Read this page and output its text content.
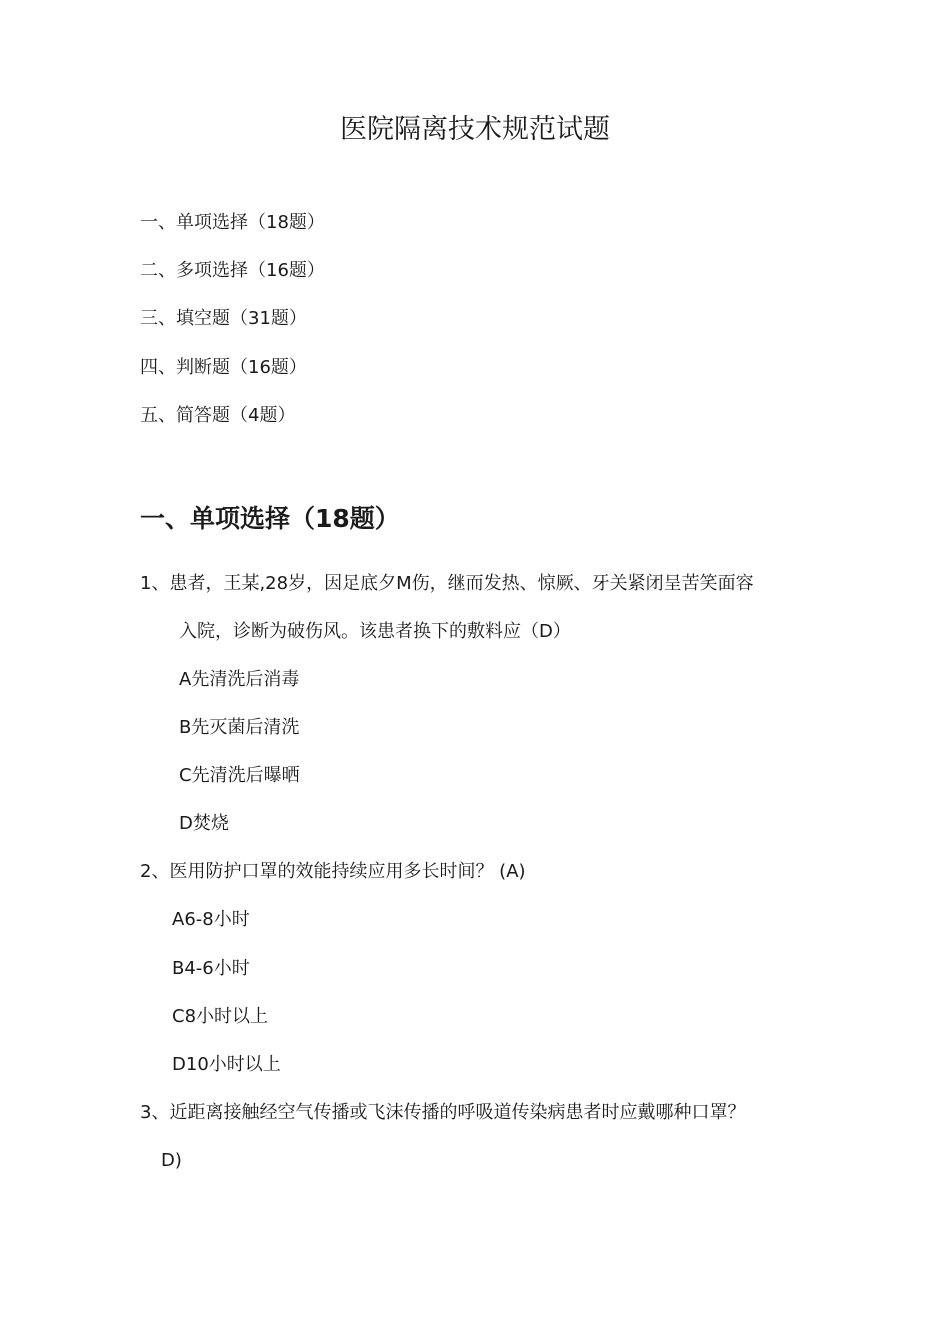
医院隔离技术规范试题
一、单项选择（18题）
二、多项选择（16题）
三、填空题（31题）
四、判断题（16题）
五、简答题（4题）
一、单项选择（18题）
1、患者，王某,28岁，因足底夕M伤，继而发热、惊厥、牙关紧闭呈苦笑面容
入院，诊断为破伤风。该患者换下的敷料应（D）
A先清洗后消毒
B先灭菌后清洗
C先清洗后曝晒
D焚烧
2、医用防护口罩的效能持续应用多长时间？ (A)
A6-8小时
B4-6小时
C8小时以上
D10小时以上
3、近距离接触经空气传播或飞沫传播的呼吸道传染病患者时应戴哪种口罩？
D)
